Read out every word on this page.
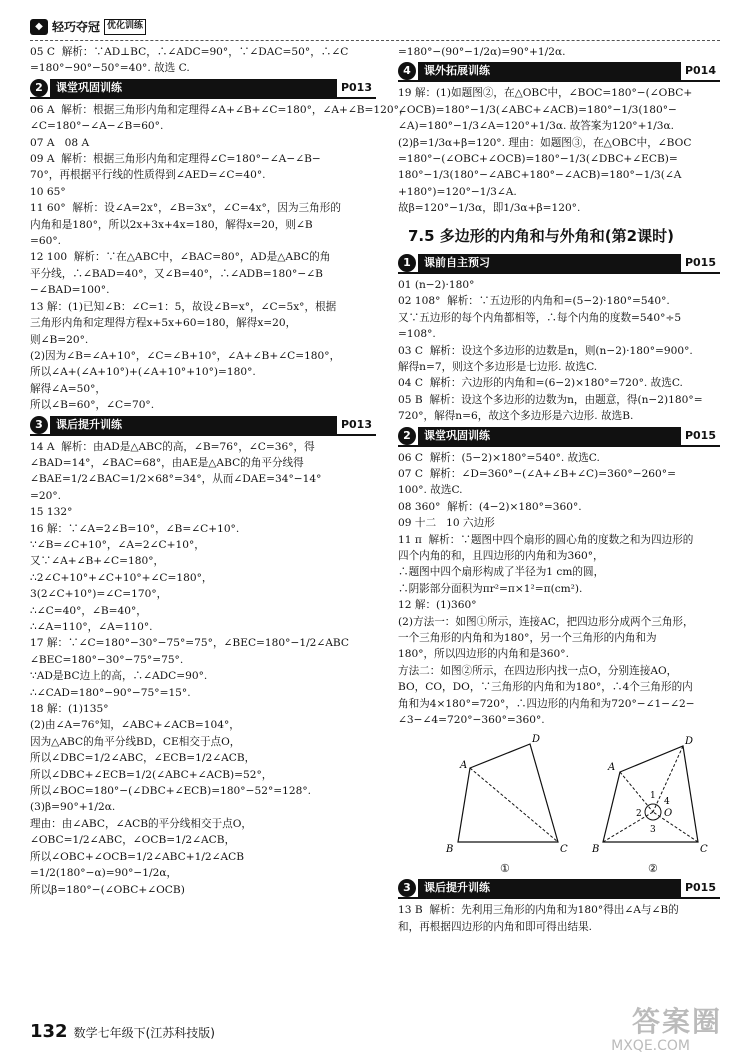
◆ 轻巧夺冠 优化训练

05 C  解析：∵AD⊥BC，∴∠ADC=90°，∵∠DAC=50°，∴∠C

=180°−90°−50°=40°. 故选 C.

2	课堂巩固训练	P013

06 A  解析：根据三角形内角和定理得∠A+∠B+∠C=180°，∠A+∠B=120°，

∠C=180°−∠A−∠B=60°.

07 A   08 A

09 A  解析：根据三角形内角和定理得∠C=180°−∠A−∠B−

70°，再根据平行线的性质得到∠AED=∠C=40°.

10 65°

11 60°  解析：设∠A=2x°，∠B=3x°，∠C=4x°，因为三角形的

内角和是180°，所以2x+3x+4x=180，解得x=20，则∠B

=60°.

12 100  解析：∵在△ABC中，∠BAC=80°，AD是△ABC的角

平分线，∴∠BAD=40°，又∠B=40°，∴∠ADB=180°−∠B

−∠BAD=100°.

13 解：(1)已知∠B：∠C=1：5，故设∠B=x°，∠C=5x°，根据

三角形内角和定理得方程x+5x+60=180，解得x=20，

则∠B=20°.

(2)因为∠B=∠A+10°，∠C=∠B+10°，∠A+∠B+∠C=180°，

所以∠A+(∠A+10°)+(∠A+10°+10°)=180°.

解得∠A=50°，

所以∠B=60°，∠C=70°.

3	课后提升训练	P013

14 A  解析：由AD是△ABC的高，∠B=76°，∠C=36°，得

∠BAD=14°，∠BAC=68°，由AE是△ABC的角平分线得

∠BAE=1/2∠BAC=1/2×68°=34°，从而∠DAE=34°−14°

=20°.

15 132°

16 解：∵∠A=2∠B=10°，∠B=∠C+10°.

∵∠B=∠C+10°，∠A=2∠C+10°，

又∵∠A+∠B+∠C=180°，

∴2∠C+10°+∠C+10°+∠C=180°，

3(2∠C+10°)=∠C=170°，

∴∠C=40°，∠B=40°，

∴∠A=110°，∠A=110°.

17 解：∵∠C=180°−30°−75°=75°，∠BEC=180°−1/2∠ABC

∠BEC=180°−30°−75°=75°.

∵AD是BC边上的高，∴∠ADC=90°.

∴∠CAD=180°−90°−75°=15°.

18 解：(1)135°

(2)由∠A=76°知，∠ABC+∠ACB=104°，

因为△ABC的角平分线BD，CE相交于点O，

所以∠DBC=1/2∠ABC，∠ECB=1/2∠ACB，

所以∠DBC+∠ECB=1/2(∠ABC+∠ACB)=52°，

所以∠BOC=180°−(∠DBC+∠ECB)=180°−52°=128°.

(3)β=90°+1/2α.

理由：由∠ABC，∠ACB的平分线相交于点O，

∠OBC=1/2∠ABC，∠OCB=1/2∠ACB，

所以∠OBC+∠OCB=1/2∠ABC+1/2∠ACB

=1/2(180°−α)=90°−1/2α，

所以β=180°−(∠OBC+∠OCB)

=180°−(90°−1/2α)=90°+1/2α.

4	课外拓展训练	P014

19 解：(1)如题图②，在△OBC中，∠BOC=180°−(∠OBC+

∠OCB)=180°−1/3(∠ABC+∠ACB)=180°−1/3(180°−

∠A)=180°−1/3∠A=120°+1/3α. 故答案为120°+1/3α.

(2)β=1/3α+β=120°. 理由：如题图③，在△OBC中，∠BOC

=180°−(∠OBC+∠OCB)=180°−1/3(∠DBC+∠ECB)=

180°−1/3(180°−∠ABC+180°−∠ACB)=180°−1/3(∠A

+180°)=120°−1/3∠A.

故β=120°−1/3α，即1/3α+β=120°.

7.5 多边形的内角和与外角和(第2课时)
1	课前自主预习	P015

01 (n−2)·180°

02 108°  解析：∵五边形的内角和=(5−2)·180°=540°.

又∵五边形的每个内角都相等，∴每个内角的度数=540°÷5

=108°.

03 C  解析：设这个多边形的边数是n，则(n−2)·180°=900°.

解得n=7，则这个多边形是七边形. 故选C.

04 C  解析：六边形的内角和=(6−2)×180°=720°. 故选C.

05 B  解析：设这个多边形的边数为n，由题意，得(n−2)180°=

720°，解得n=6，故这个多边形是六边形. 故选B.

2	课堂巩固训练	P015

06 C  解析：(5−2)×180°=540°. 故选C.

07 C  解析：∠D=360°−(∠A+∠B+∠C)=360°−260°=

100°. 故选C.

08 360°  解析：(4−2)×180°=360°.

09 十二   10 六边形

11 π  解析：∵题图中四个扇形的圆心角的度数之和为四边形的

四个内角的和，且四边形的内角和为360°，

∴题图中四个扇形构成了半径为1 cm的圆，

∴阴影部分面积为πr²=π×1²=π(cm²).

12 解：(1)360°

(2)方法一：如图①所示，连接AC，把四边形分成两个三角形，

一个三角形的内角和为180°，另一个三角形的内角和为

180°，所以四边形的内角和是360°.

方法二：如图②所示，在四边形内找一点O，分别连接AO，

BO，CO，DO，∵三角形的内角和为180°，∴4个三角形的内

角和为4×180°=720°，∴四边形的内角和为720°−∠1−∠2−

∠3−∠4=720°−360°=360°.

A
D
B	C
①
A
D
B	C
O
1
2
3
4
②
3	课后提升训练	P015

13 B  解析：先利用三角形的内角和为180°得出∠A与∠B的

和，再根据四边形的内角和即可得出结果.

132 数学七年级下(江苏科技版)	答案圈
MXQE.COM
